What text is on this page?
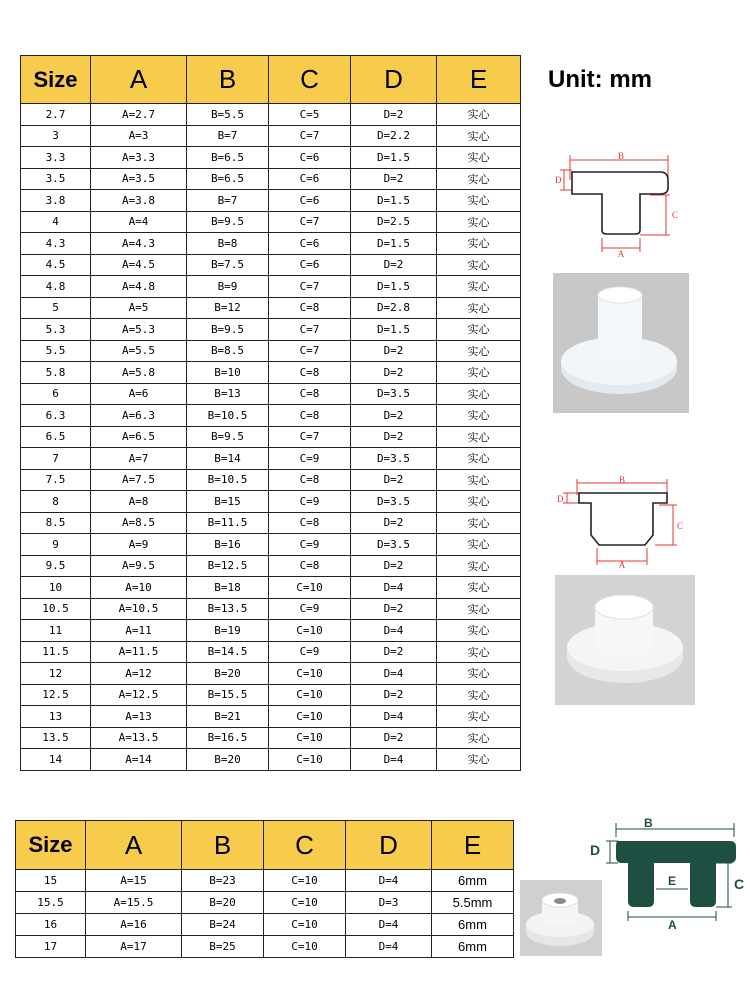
Size	A	B	C	D	E
2.7	A=2.7	B=5.5	C=5	D=2	实心
3	A=3	B=7	C=7	D=2.2	实心
3.3	A=3.3	B=6.5	C=6	D=1.5	实心
3.5	A=3.5	B=6.5	C=6	D=2	实心
3.8	A=3.8	B=7	C=6	D=1.5	实心
4	A=4	B=9.5	C=7	D=2.5	实心
4.3	A=4.3	B=8	C=6	D=1.5	实心
4.5	A=4.5	B=7.5	C=6	D=2	实心
4.8	A=4.8	B=9	C=7	D=1.5	实心
5	A=5	B=12	C=8	D=2.8	实心
5.3	A=5.3	B=9.5	C=7	D=1.5	实心
5.5	A=5.5	B=8.5	C=7	D=2	实心
5.8	A=5.8	B=10	C=8	D=2	实心
6	A=6	B=13	C=8	D=3.5	实心
6.3	A=6.3	B=10.5	C=8	D=2	实心
6.5	A=6.5	B=9.5	C=7	D=2	实心
7	A=7	B=14	C=9	D=3.5	实心
7.5	A=7.5	B=10.5	C=8	D=2	实心
8	A=8	B=15	C=9	D=3.5	实心
8.5	A=8.5	B=11.5	C=8	D=2	实心
9	A=9	B=16	C=9	D=3.5	实心
9.5	A=9.5	B=12.5	C=8	D=2	实心
10	A=10	B=18	C=10	D=4	实心
10.5	A=10.5	B=13.5	C=9	D=2	实心
11	A=11	B=19	C=10	D=4	实心
11.5	A=11.5	B=14.5	C=9	D=2	实心
12	A=12	B=20	C=10	D=4	实心
12.5	A=12.5	B=15.5	C=10	D=2	实心
13	A=13	B=21	C=10	D=4	实心
13.5	A=13.5	B=16.5	C=10	D=2	实心
14	A=14	B=20	C=10	D=4	实心
Unit: mm
B
D
C
A
B
D
C
A
Size	A	B	C	D	E
15	A=15	B=23	C=10	D=4	6mm
15.5	A=15.5	B=20	C=10	D=3	5.5mm
16	A=16	B=24	C=10	D=4	6mm
17	A=17	B=25	C=10	D=4	6mm
B
D
C
A
E
